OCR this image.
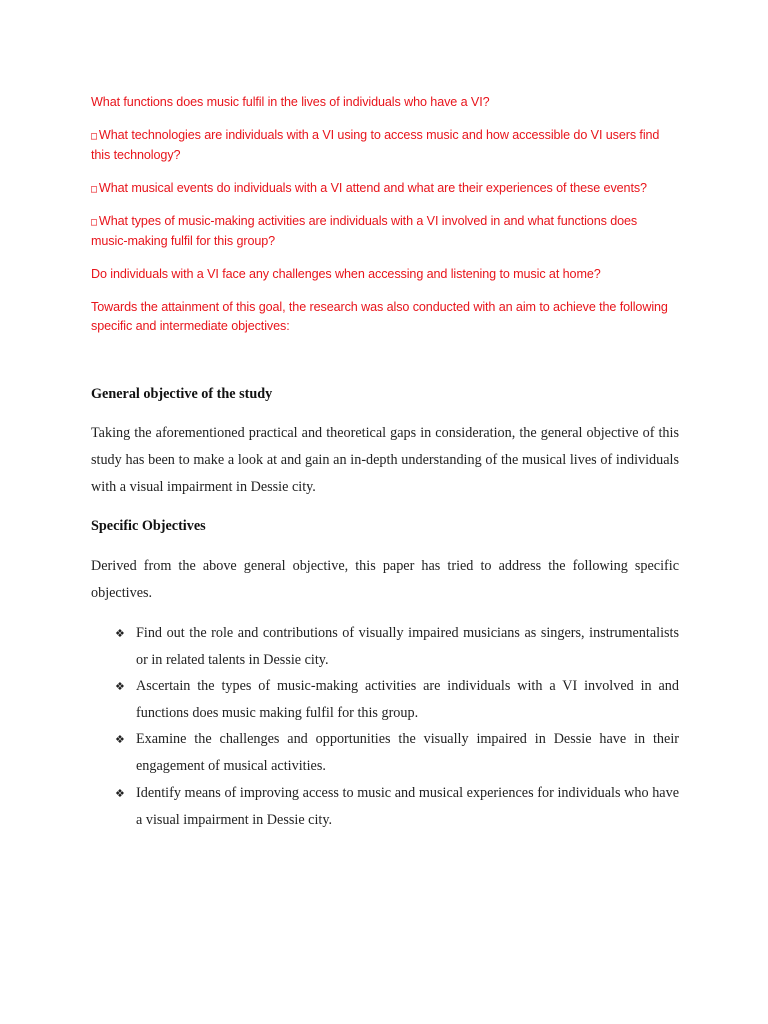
What functions does music fulfil in the lives of individuals who have a VI?
□ What technologies are individuals with a VI using to access music and how accessible do VI users find this technology?
□ What musical events do individuals with a VI attend and what are their experiences of these events?
□ What types of music-making activities are individuals with a VI involved in and what functions does music-making fulfil for this group?
Do individuals with a VI face any challenges when accessing and listening to music at home?
Towards the attainment of this goal, the research was also conducted with an aim to achieve the following specific and intermediate objectives:
General objective of the study
Taking the aforementioned practical and theoretical gaps in consideration, the general objective of this study has been to make a look at and gain an in-depth understanding of the musical lives of individuals with a visual impairment in Dessie city.
Specific Objectives
Derived from the above general objective, this paper has tried to address the following specific objectives.
❖ Find out the role and contributions of visually impaired musicians as singers, instrumentalists or in related talents in Dessie city.
❖ Ascertain the types of music-making activities are individuals with a VI involved in and functions does music making fulfil for this group.
❖ Examine the challenges and opportunities the visually impaired in Dessie have in their engagement of musical activities.
❖ Identify means of improving access to music and musical experiences for individuals who have a visual impairment in Dessie city.
